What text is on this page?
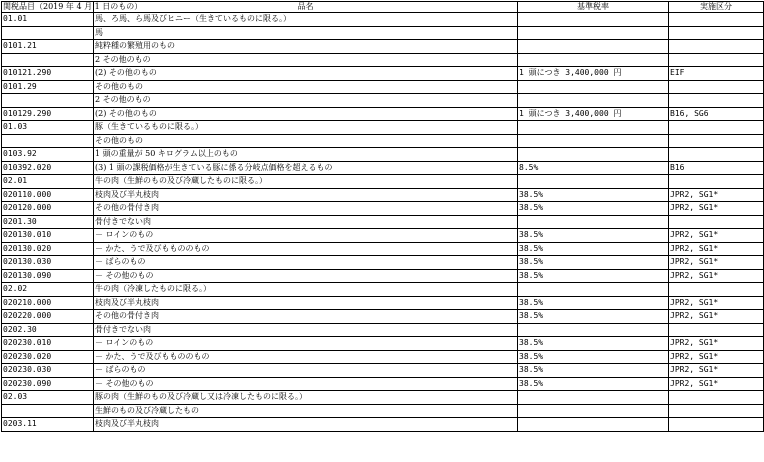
関税品目（2019 年 4 月 1 日のもの）	品名	基準税率	実施区分
01.01	馬、ろ馬、ら馬及びヒニー（生きているものに限る。）		
	馬		
0101.21	純粋種の繁殖用のもの		
	2 その他のもの		
010121.290	(2) その他のもの	1 頭につき 3,400,000 円	EIF
0101.29	その他のもの		
	2 その他のもの		
010129.290	(2) その他のもの	1 頭につき 3,400,000 円	B16, SG6
01.03	豚（生きているものに限る。）		
	その他のもの		
0103.92	1 頭の重量が 50 キログラム以上のもの		
010392.020	(3) 1 頭の課税価格が生きている豚に係る分岐点価格を超えるもの	8.5%	B16
02.01	牛の肉（生鮮のもの及び冷蔵したものに限る。）		
020110.000	枝肉及び半丸枝肉	38.5%	JPR2, SG1*
020120.000	その他の骨付き肉	38.5%	JPR2, SG1*
0201.30	骨付きでない肉		
020130.010	－ ロインのもの	38.5%	JPR2, SG1*
020130.020	－ かた、うで及びももののもの	38.5%	JPR2, SG1*
020130.030	－ ばらのもの	38.5%	JPR2, SG1*
020130.090	－ その他のもの	38.5%	JPR2, SG1*
02.02	牛の肉（冷凍したものに限る。）		
020210.000	枝肉及び半丸枝肉	38.5%	JPR2, SG1*
020220.000	その他の骨付き肉	38.5%	JPR2, SG1*
0202.30	骨付きでない肉		
020230.010	－ ロインのもの	38.5%	JPR2, SG1*
020230.020	－ かた、うで及びももののもの	38.5%	JPR2, SG1*
020230.030	－ ばらのもの	38.5%	JPR2, SG1*
020230.090	－ その他のもの	38.5%	JPR2, SG1*
02.03	豚の肉（生鮮のもの及び冷蔵し又は冷凍したものに限る。）		
	生鮮のもの及び冷蔵したもの		
0203.11	枝肉及び半丸枝肉		
